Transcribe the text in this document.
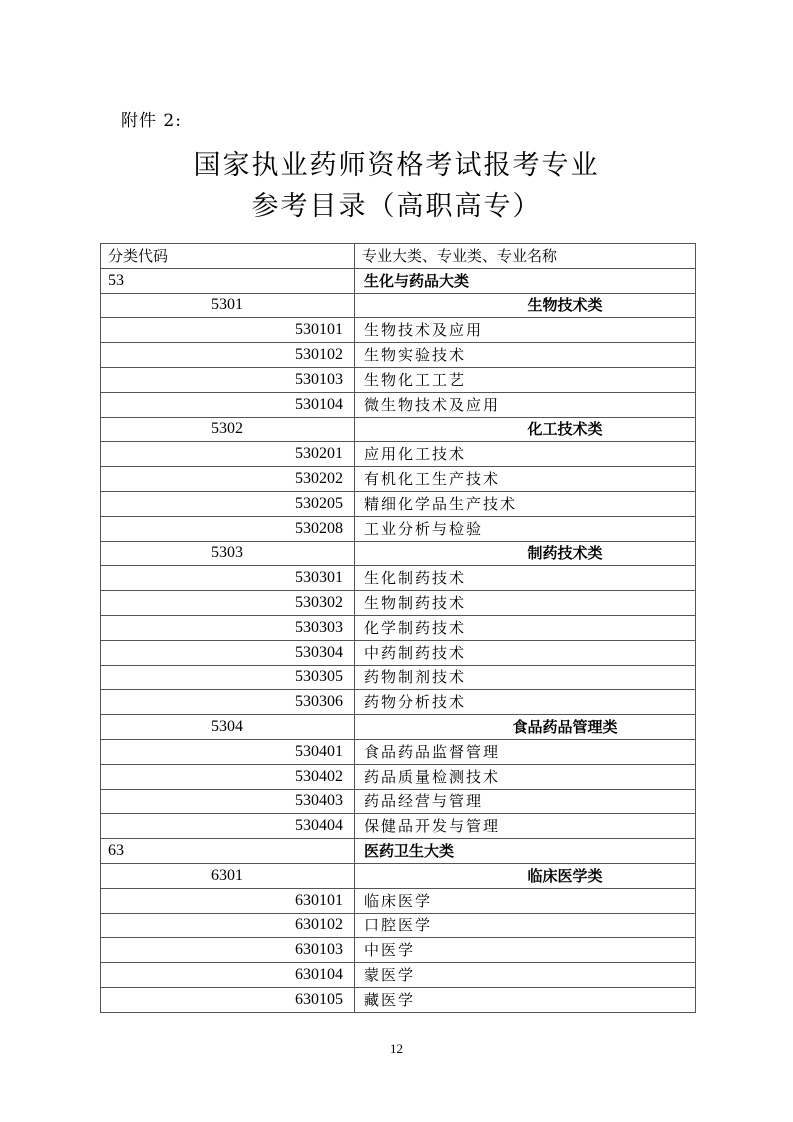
附件 2:
国家执业药师资格考试报考专业
参考目录（高职高专）
分类代码	专业大类、专业类、专业名称
53	生化与药品大类
5301	生物技术类
530101	生物技术及应用
530102	生物实验技术
530103	生物化工工艺
530104	微生物技术及应用
5302	化工技术类
530201	应用化工技术
530202	有机化工生产技术
530205	精细化学品生产技术
530208	工业分析与检验
5303	制药技术类
530301	生化制药技术
530302	生物制药技术
530303	化学制药技术
530304	中药制药技术
530305	药物制剂技术
530306	药物分析技术
5304	食品药品管理类
530401	食品药品监督管理
530402	药品质量检测技术
530403	药品经营与管理
530404	保健品开发与管理
63	医药卫生大类
6301	临床医学类
630101	临床医学
630102	口腔医学
630103	中医学
630104	蒙医学
630105	藏医学
12
